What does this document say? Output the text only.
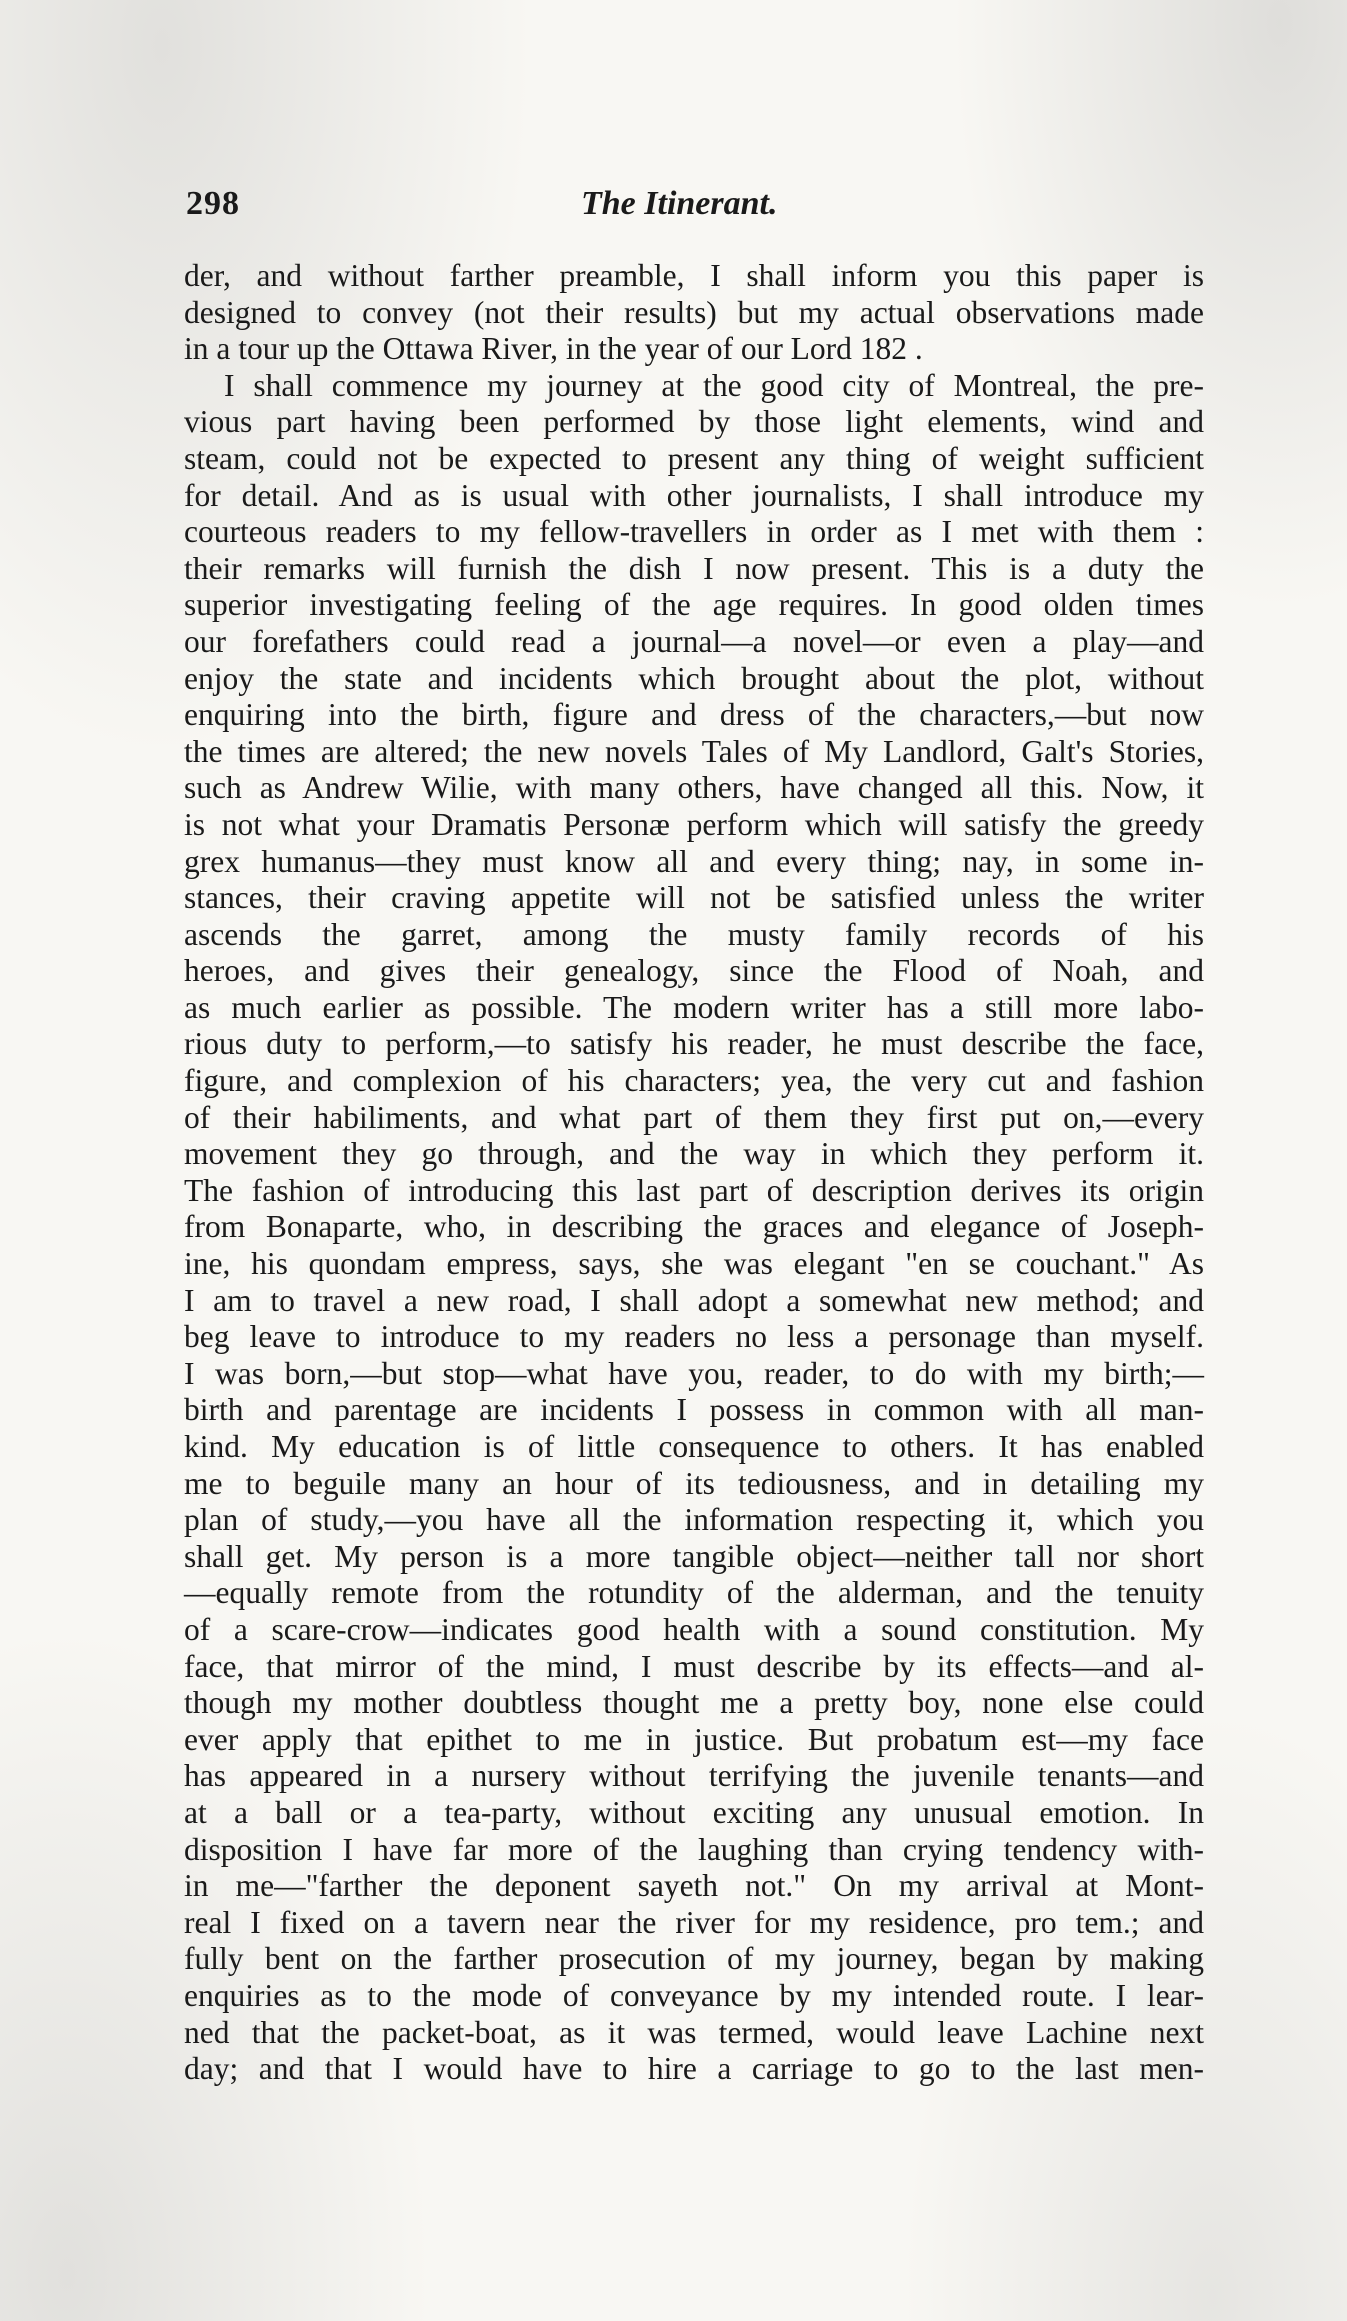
298	The Itinerant.
der, and without farther preamble, I shall inform you this paper is
designed to convey (not their results) but my actual observations made
in a tour up the Ottawa River, in the year of our Lord 182 .
I shall commence my journey at the good city of Montreal, the pre-
vious part having been performed by those light elements, wind and
steam, could not be expected to present any thing of weight sufficient
for detail. And as is usual with other journalists, I shall introduce my
courteous readers to my fellow-travellers in order as I met with them :
their remarks will furnish the dish I now present. This is a duty the
superior investigating feeling of the age requires. In good olden times
our forefathers could read a journal—a novel—or even a play—and
enjoy the state and incidents which brought about the plot, without
enquiring into the birth, figure and dress of the characters,—but now
the times are altered; the new novels Tales of My Landlord, Galt's Stories,
such as Andrew Wilie, with many others, have changed all this. Now, it
is not what your Dramatis Personæ perform which will satisfy the greedy
grex humanus—they must know all and every thing; nay, in some in-
stances, their craving appetite will not be satisfied unless the writer
ascends the garret, among the musty family records of his
heroes, and gives their genealogy, since the Flood of Noah, and
as much earlier as possible. The modern writer has a still more labo-
rious duty to perform,—to satisfy his reader, he must describe the face,
figure, and complexion of his characters; yea, the very cut and fashion
of their habiliments, and what part of them they first put on,—every
movement they go through, and the way in which they perform it.
The fashion of introducing this last part of description derives its origin
from Bonaparte, who, in describing the graces and elegance of Joseph-
ine, his quondam empress, says, she was elegant "en se couchant." As
I am to travel a new road, I shall adopt a somewhat new method; and
beg leave to introduce to my readers no less a personage than myself.
I was born,—but stop—what have you, reader, to do with my birth;—
birth and parentage are incidents I possess in common with all man-
kind. My education is of little consequence to others. It has enabled
me to beguile many an hour of its tediousness, and in detailing my
plan of study,—you have all the information respecting it, which you
shall get. My person is a more tangible object—neither tall nor short
—equally remote from the rotundity of the alderman, and the tenuity
of a scare-crow—indicates good health with a sound constitution. My
face, that mirror of the mind, I must describe by its effects—and al-
though my mother doubtless thought me a pretty boy, none else could
ever apply that epithet to me in justice. But probatum est—my face
has appeared in a nursery without terrifying the juvenile tenants—and
at a ball or a tea-party, without exciting any unusual emotion. In
disposition I have far more of the laughing than crying tendency with-
in me—"farther the deponent sayeth not." On my arrival at Mont-
real I fixed on a tavern near the river for my residence, pro tem.; and
fully bent on the farther prosecution of my journey, began by making
enquiries as to the mode of conveyance by my intended route. I lear-
ned that the packet-boat, as it was termed, would leave Lachine next
day; and that I would have to hire a carriage to go to the last men-
